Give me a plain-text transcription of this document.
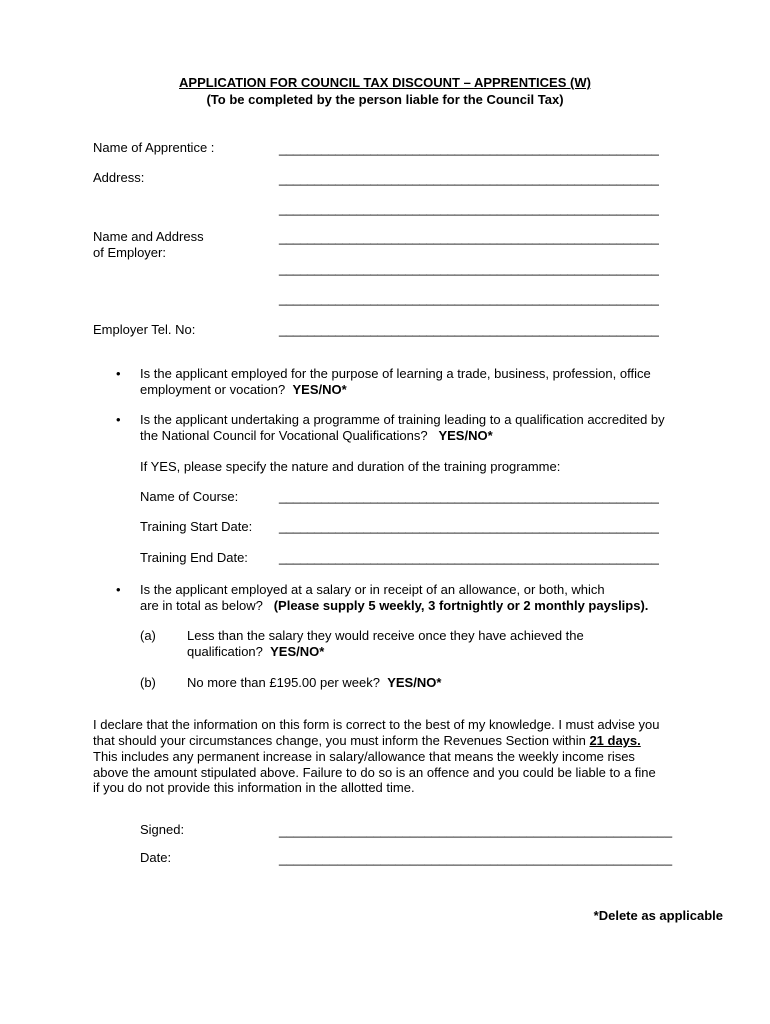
APPLICATION FOR COUNCIL TAX DISCOUNT – APPRENTICES (W)
(To be completed by the person liable for the Council Tax)
Name of Apprentice :	______________________________________________________
Address:	______________________________________________________
______________________________________________________
Name and Address
of Employer:
______________________________________________________
______________________________________________________
______________________________________________________
Employer Tel. No:	______________________________________________________
• Is the applicant employed for the purpose of learning a trade, business, profession, office
employment or vocation? YES/NO*
• Is the applicant undertaking a programme of training leading to a qualification accredited by
the National Council for Vocational Qualifications? YES/NO*
If YES, please specify the nature and duration of the training programme:
Name of Course:	______________________________________________________
Training Start Date: ______________________________________________________
Training End Date: ______________________________________________________
• Is the applicant employed at a salary or in receipt of an allowance, or both, which
are in total as below? (Please supply 5 weekly, 3 fortnightly or 2 monthly payslips).
(a) Less than the salary they would receive once they have achieved the
qualification? YES/NO*
(b) No more than £195.00 per week? YES/NO*
I declare that the information on this form is correct to the best of my knowledge. I must advise you
that should your circumstances change, you must inform the Revenues Section within 21 days.
This includes any permanent increase in salary/allowance that means the weekly income rises
above the amount stipulated above. Failure to do so is an offence and you could be liable to a fine
if you do not provide this information in the allotted time.
Signed:	______________________________________________________
Date:	______________________________________________________
*Delete as applicable
